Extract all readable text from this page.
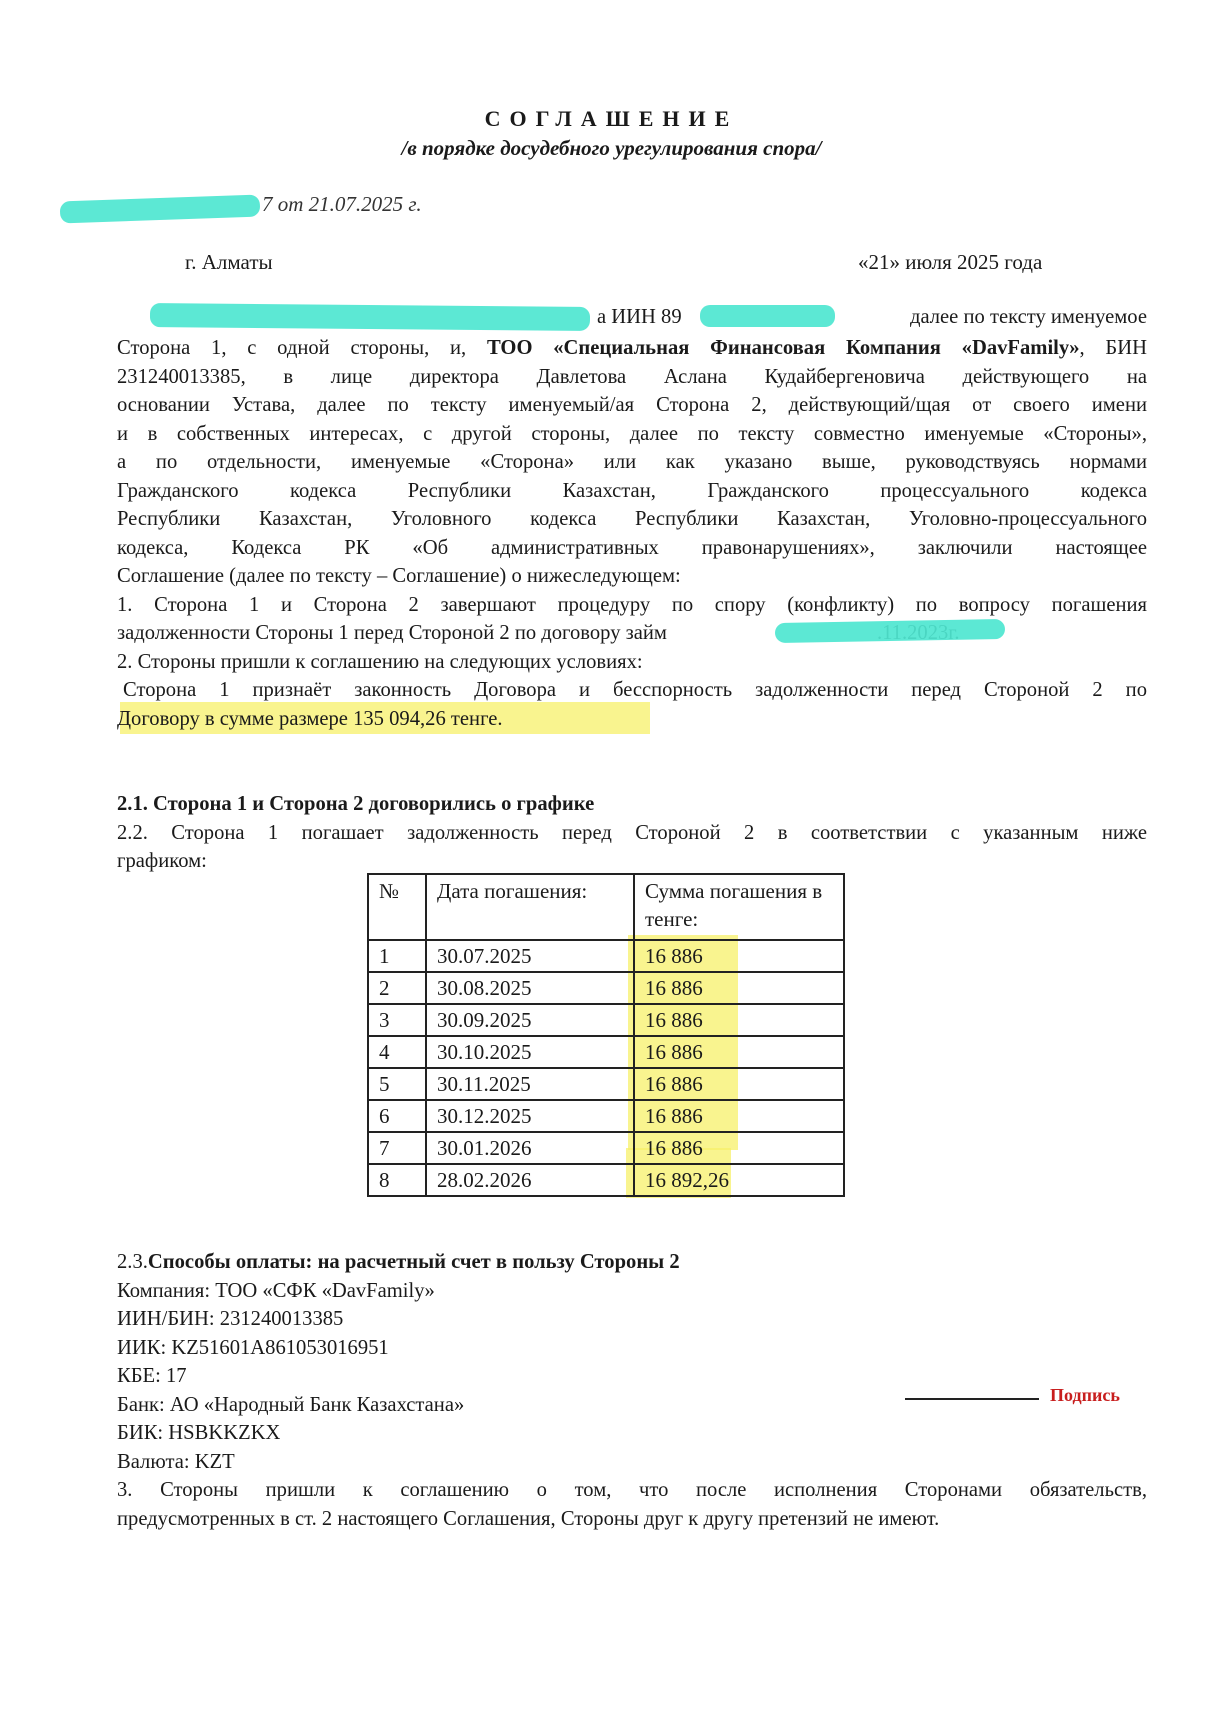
СОГЛАШЕНИЕ
/в порядке досудебного урегулирования спора/
7 от 21.07.2025 г.
г. Алматы	«21» июля 2025 года
а ИИН 89	далее по тексту именуемое
Сторона 1, с одной стороны, и, ТОО «Специальная Финансовая Компания «DavFamily», БИН
231240013385, в лице директора Давлетова Аслана Кудайбергеновича действующего на
основании Устава, далее по тексту именуемый/ая Сторона 2, действующий/щая от своего имени
и в собственных интересах, с другой стороны, далее по тексту совместно именуемые «Стороны»,
а по отдельности, именуемые «Сторона» или как указано выше, руководствуясь нормами
Гражданского кодекса Республики Казахстан, Гражданского процессуального кодекса
Республики Казахстан, Уголовного кодекса Республики Казахстан, Уголовно-процессуального
кодекса, Кодекса РК «Об административных правонарушениях», заключили настоящее
Соглашение (далее по тексту – Соглашение) о нижеследующем:
1. Сторона 1 и Сторона 2 завершают процедуру по спору (конфликту) по вопросу погашения
задолженности Стороны 1 перед Стороной 2 по договору займ
2. Стороны пришли к соглашению на следующих условиях:
Сторона 1 признаёт законность Договора и бесспорность задолженности перед Стороной 2 по
Договору в сумме размере 135 094,26 тенге.
2.1. Сторона 1 и Сторона 2 договорились о графике
2.2. Сторона 1 погашает задолженность перед Стороной 2 в соответствии с указанным ниже
графиком:
№	Дата погашения:	Сумма погашения в тенге:
1	30.07.2025	16 886
2	30.08.2025	16 886
3	30.09.2025	16 886
4	30.10.2025	16 886
5	30.11.2025	16 886
6	30.12.2025	16 886
7	30.01.2026	16 886
8	28.02.2026	16 892,26
2.3.Способы оплаты: на расчетный счет в пользу Стороны 2
Компания: ТОО «СФК «DavFamily»
ИИН/БИН: 231240013385
ИИК: KZ51601A861053016951
КБЕ: 17
Банк: АО «Народный Банк Казахстана»
БИК: HSBKKZKX
Валюта: KZT
3. Стороны пришли к соглашению о том, что после исполнения Сторонами обязательств,
предусмотренных в ст. 2 настоящего Соглашения, Стороны друг к другу претензий не имеют.
Подпись
